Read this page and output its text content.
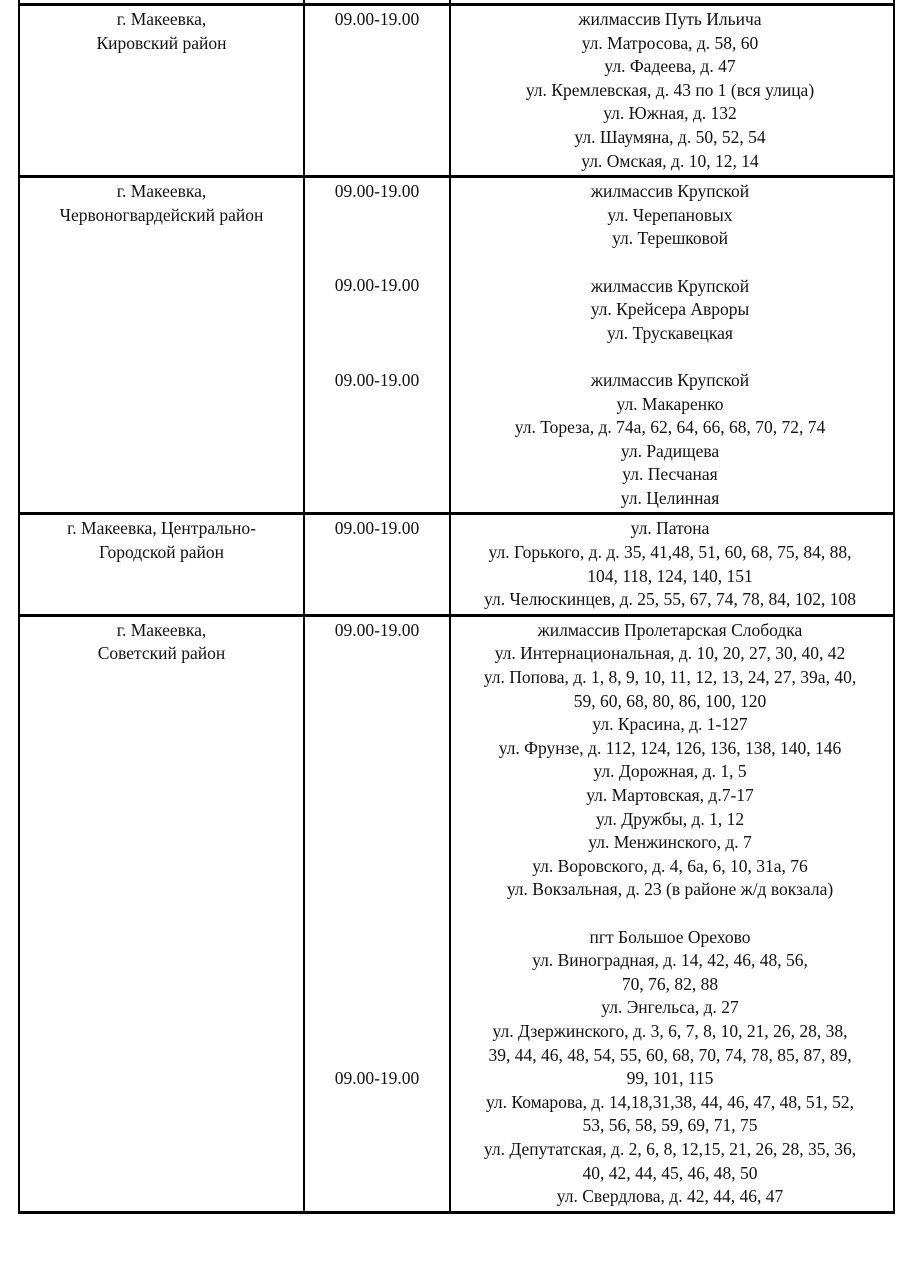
г. Макеевка,
Кировский район
09.00-19.00	жилмассив Путь Ильича
ул. Матросова, д. 58, 60
ул. Фадеева, д. 47
ул. Кремлевская, д. 43 по 1 (вся улица)
ул. Южная, д. 132
ул. Шаумяна, д. 50, 52, 54
ул. Омская, д. 10, 12, 14
г. Макеевка,
Червоногвардейский район
09.00-19.00
09.00-19.00
09.00-19.00
жилмассив Крупской
ул. Черепановых
ул. Терешковой

жилмассив Крупской
ул. Крейсера Авроры
ул. Трускавецкая

жилмассив Крупской
ул. Макаренко
ул. Тореза, д. 74а, 62, 64, 66, 68, 70, 72, 74
ул. Радищева
ул. Песчаная
ул. Целинная
г. Макеевка, Центрально-
Городской район
09.00-19.00	ул. Патона
ул. Горького, д. д. 35, 41,48, 51, 60, 68, 75, 84, 88,
104, 118, 124, 140, 151
ул. Челюскинцев, д. 25, 55, 67, 74, 78, 84, 102, 108
г. Макеевка,
Советский район
09.00-19.00
09.00-19.00
жилмассив Пролетарская Слободка
ул. Интернациональная, д. 10, 20, 27, 30, 40, 42
ул. Попова, д. 1, 8, 9, 10, 11, 12, 13, 24, 27, 39а, 40,
59, 60, 68, 80, 86, 100, 120
ул. Красина, д. 1-127
ул. Фрунзе, д. 112, 124, 126, 136, 138, 140, 146
ул. Дорожная, д. 1, 5
ул. Мартовская, д.7-17
ул. Дружбы, д. 1, 12
ул. Менжинского, д. 7
ул. Воровского, д. 4, 6а, 6, 10, 31а, 76
ул. Вокзальная, д. 23 (в районе ж/д вокзала)

пгт Большое Орехово
ул. Виноградная, д. 14, 42, 46, 48, 56,
70, 76, 82, 88
ул. Энгельса, д. 27
ул. Дзержинского, д. 3, 6, 7, 8, 10, 21, 26, 28, 38,
39, 44, 46, 48, 54, 55, 60, 68, 70, 74, 78, 85, 87, 89,
99, 101, 115
ул. Комарова, д. 14,18,31,38, 44, 46, 47, 48, 51, 52,
53, 56, 58, 59, 69, 71, 75
ул. Депутатская, д. 2, 6, 8, 12,15, 21, 26, 28, 35, 36,
40, 42, 44, 45, 46, 48, 50
ул. Свердлова, д. 42, 44, 46, 47
